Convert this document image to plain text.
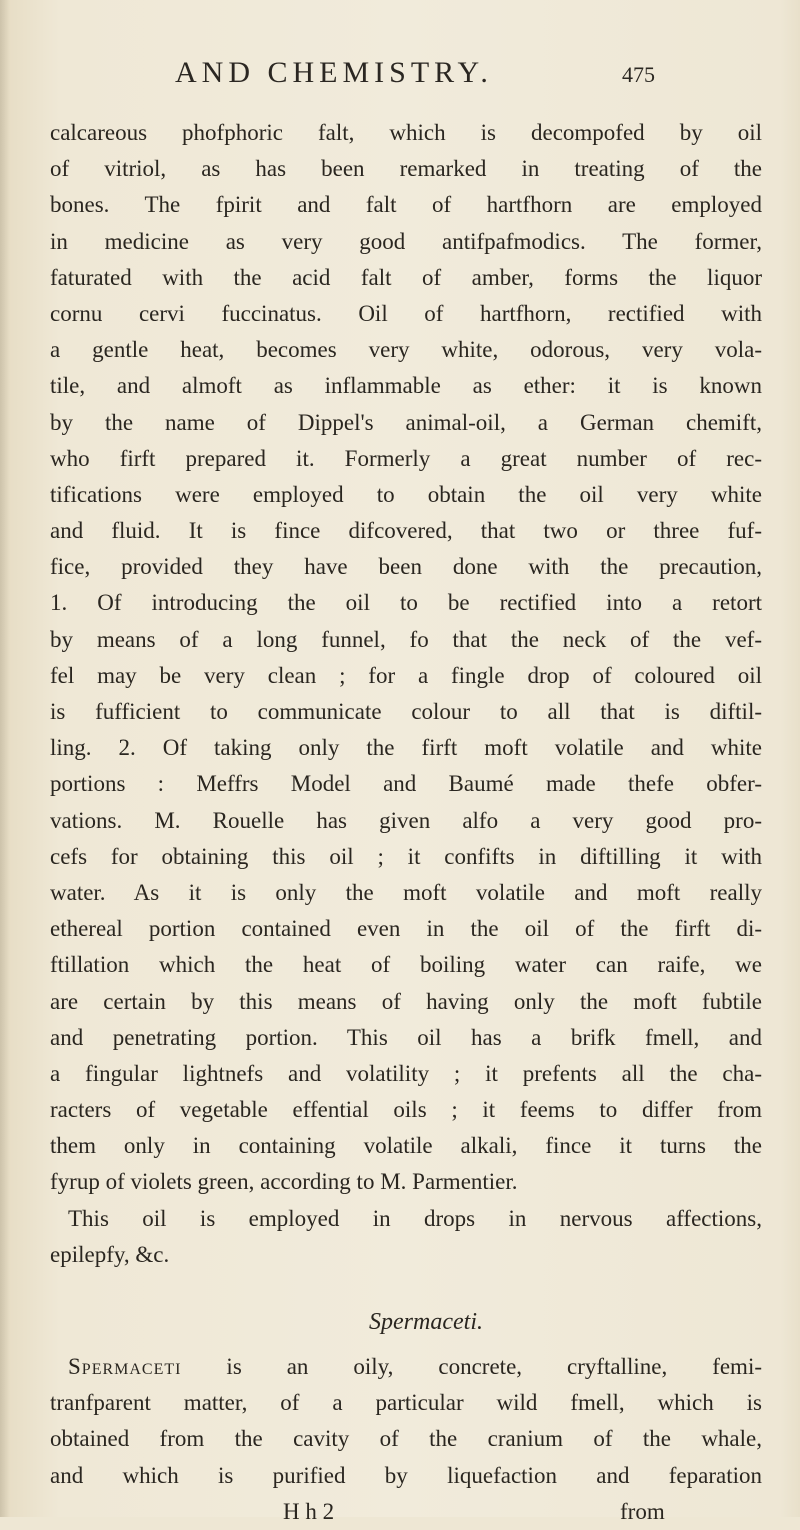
AND CHEMISTRY.	475
calcareous phofphoric falt, which is decompofed by oil
of vitriol, as has been remarked in treating of the
bones. The fpirit and falt of hartfhorn are employed
in medicine as very good antifpafmodics. The former,
faturated with the acid falt of amber, forms the liquor
cornu cervi fuccinatus. Oil of hartfhorn, rectified with
a gentle heat, becomes very white, odorous, very vola-
tile, and almoft as inflammable as ether: it is known
by the name of Dippel's animal-oil, a German chemift,
who firft prepared it. Formerly a great number of rec-
tifications were employed to obtain the oil very white
and fluid. It is fince difcovered, that two or three fuf-
fice, provided they have been done with the precaution,
1. Of introducing the oil to be rectified into a retort
by means of a long funnel, fo that the neck of the vef-
fel may be very clean ; for a fingle drop of coloured oil
is fufficient to communicate colour to all that is diftil-
ling. 2. Of taking only the firft moft volatile and white
portions : Meffrs Model and Baumé made thefe obfer-
vations. M. Rouelle has given alfo a very good pro-
cefs for obtaining this oil ; it confifts in diftilling it with
water. As it is only the moft volatile and moft really
ethereal portion contained even in the oil of the firft di-
ftillation which the heat of boiling water can raife, we
are certain by this means of having only the moft fubtile
and penetrating portion. This oil has a brifk fmell, and
a fingular lightnefs and volatility ; it prefents all the cha-
racters of vegetable effential oils ; it feems to differ from
them only in containing volatile alkali, fince it turns the
fyrup of violets green, according to M. Parmentier.
This oil is employed in drops in nervous affections,
epilepfy, &c.
Spermaceti.
Spermaceti is an oily, concrete, cryftalline, femi-
tranfparent matter, of a particular wild fmell, which is
obtained from the cavity of the cranium of the whale,
and which is purified by liquefaction and feparation
H h 2	from
